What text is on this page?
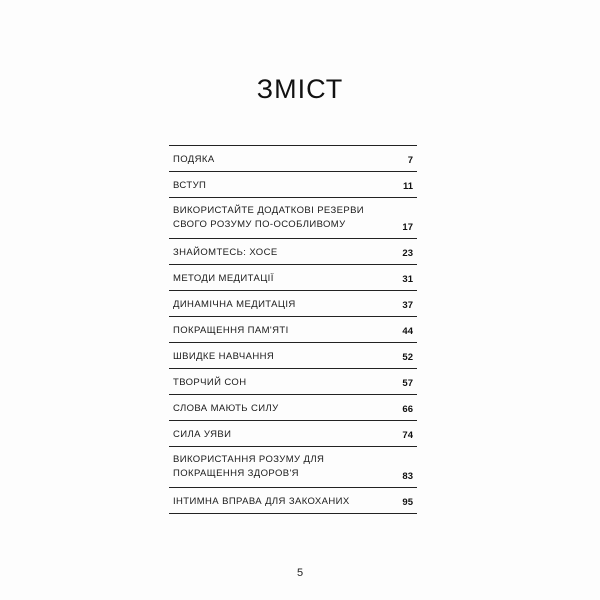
ЗМІСТ
ПОДЯКА	7
ВСТУП	11
ВИКОРИСТАЙТЕ ДОДАТКОВІ РЕЗЕРВИ СВОГО РОЗУМУ ПО-ОСОБЛИВОМУ	17
ЗНАЙОМТЕСЬ: ХОСЕ	23
МЕТОДИ МЕДИТАЦІЇ	31
ДИНАМІЧНА МЕДИТАЦІЯ	37
ПОКРАЩЕННЯ ПАМ'ЯТІ	44
ШВИДКЕ НАВЧАННЯ	52
ТВОРЧИЙ СОН	57
СЛОВА МАЮТЬ СИЛУ	66
СИЛА УЯВИ	74
ВИКОРИСТАННЯ РОЗУМУ ДЛЯ ПОКРАЩЕННЯ ЗДОРОВ'Я	83
ІНТИМНА ВПРАВА ДЛЯ ЗАКОХАНИХ	95
5
